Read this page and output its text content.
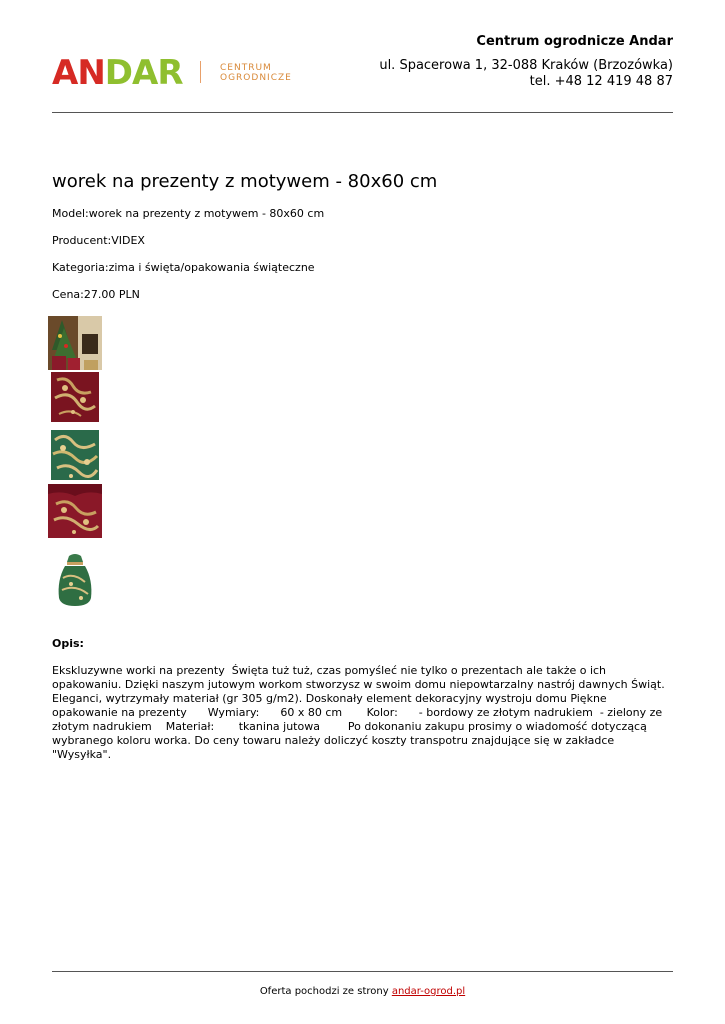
ANDAR	CENTRUM
OGRODNICZE
Centrum ogrodnicze Andar
ul. Spacerowa 1, 32-088 Kraków (Brzozówka)
tel. +48 12 419 48 87
worek na prezenty z motywem - 80x60 cm
Model:worek na prezenty z motywem - 80x60 cm
Producent:VIDEX
Kategoria:zima i święta/opakowania świąteczne
Cena:27.00 PLN
Opis:
Ekskluzywne worki na prezenty  Święta tuż tuż, czas pomyśleć nie tylko o prezentach ale także o ich
opakowaniu. Dzięki naszym jutowym workom stworzysz w swoim domu niepowtarzalny nastrój dawnych Świąt.
Eleganci, wytrzymały materiał (gr 305 g/m2). Doskonały element dekoracyjny wystroju domu Piękne
opakowanie na prezenty      Wymiary:      60 x 80 cm       Kolor:      - bordowy ze złotym nadrukiem  - zielony ze
złotym nadrukiem    Materiał:       tkanina jutowa        Po dokonaniu zakupu prosimy o wiadomość dotyczącą
wybranego koloru worka. Do ceny towaru należy doliczyć koszty transpotru znajdujące się w zakładce
"Wysyłka".
Oferta pochodzi ze strony andar-ogrod.pl
